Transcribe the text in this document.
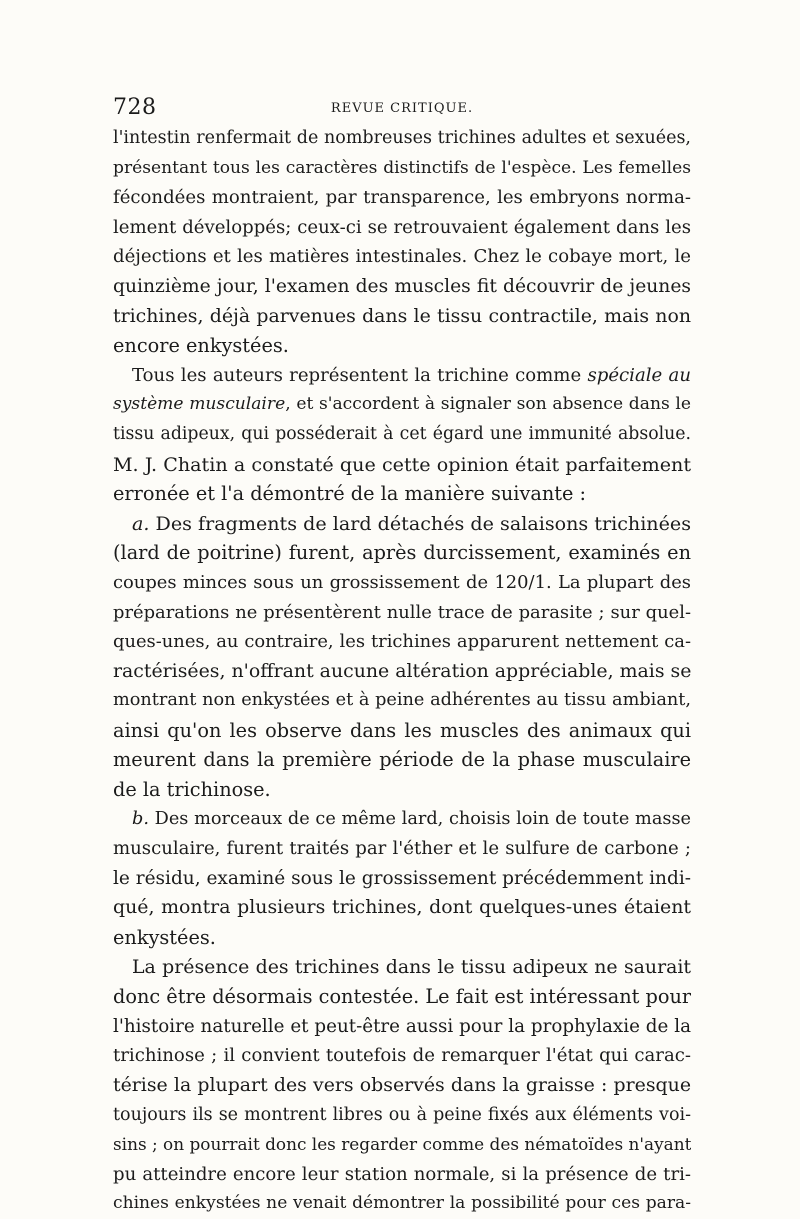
728	REVUE CRITIQUE.
l'intestin renfermait de nombreuses trichines adultes et sexuées,
présentant tous les caractères distinctifs de l'espèce. Les femelles
fécondées montraient, par transparence, les embryons norma-
lement développés; ceux-ci se retrouvaient également dans les
déjections et les matières intestinales. Chez le cobaye mort, le
quinzième jour, l'examen des muscles fit découvrir de jeunes
trichines, déjà parvenues dans le tissu contractile, mais non
encore enkystées.
Tous les auteurs représentent la trichine comme spéciale au
système musculaire, et s'accordent à signaler son absence dans le
tissu adipeux, qui posséderait à cet égard une immunité absolue.
M. J. Chatin a constaté que cette opinion était parfaitement
erronée et l'a démontré de la manière suivante :
a. Des fragments de lard détachés de salaisons trichinées
(lard de poitrine) furent, après durcissement, examinés en
coupes minces sous un grossissement de 120/1. La plupart des
préparations ne présentèrent nulle trace de parasite ; sur quel-
ques-unes, au contraire, les trichines apparurent nettement ca-
ractérisées, n'offrant aucune altération appréciable, mais se
montrant non enkystées et à peine adhérentes au tissu ambiant,
ainsi qu'on les observe dans les muscles des animaux qui
meurent dans la première période de la phase musculaire
de la trichinose.
b. Des morceaux de ce même lard, choisis loin de toute masse
musculaire, furent traités par l'éther et le sulfure de carbone ;
le résidu, examiné sous le grossissement précédemment indi-
qué, montra plusieurs trichines, dont quelques-unes étaient
enkystées.
La présence des trichines dans le tissu adipeux ne saurait
donc être désormais contestée. Le fait est intéressant pour
l'histoire naturelle et peut-être aussi pour la prophylaxie de la
trichinose ; il convient toutefois de remarquer l'état qui carac-
térise la plupart des vers observés dans la graisse : presque
toujours ils se montrent libres ou à peine fixés aux éléments voi-
sins ; on pourrait donc les regarder comme des nématoïdes n'ayant
pu atteindre encore leur station normale, si la présence de tri-
chines enkystées ne venait démontrer la possibilité pour ces para-
